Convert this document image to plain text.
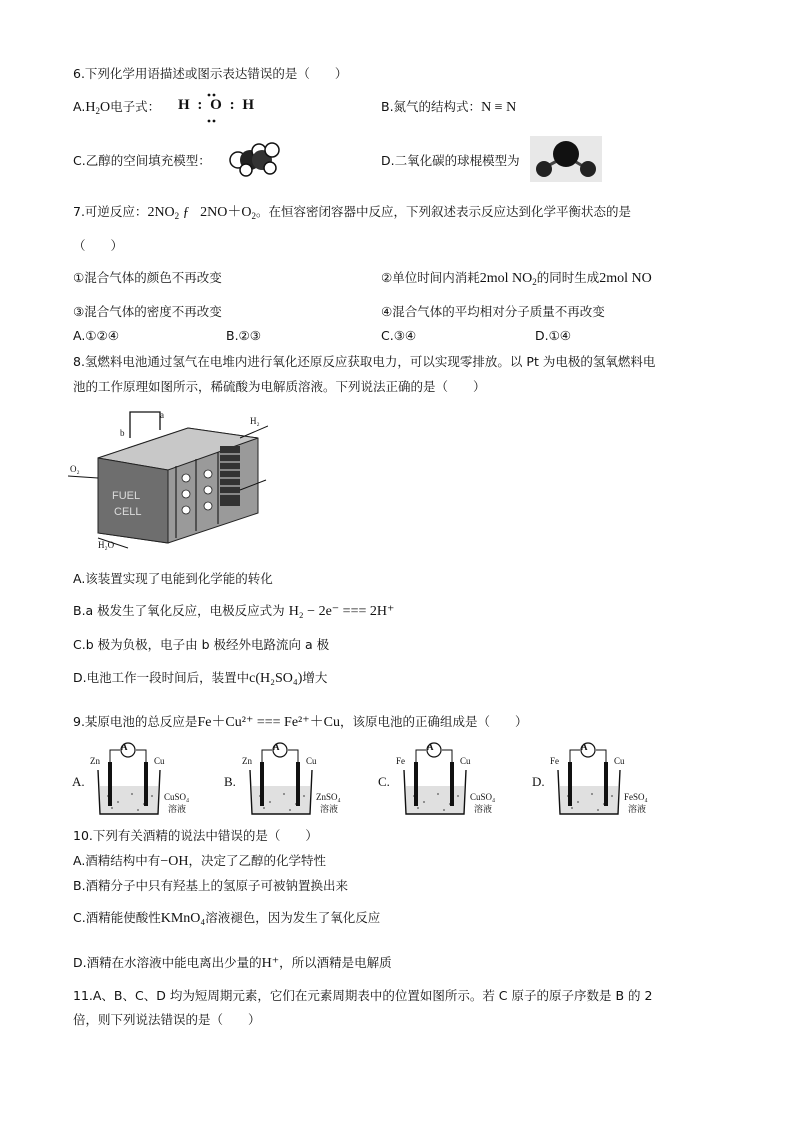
6.下列化学用语描述或图示表达错误的是（　　）
$A.H_2O$电子式： H : O : H	B.氮气的结构式：N ≡ N
C.乙醇的空间填充模型：	D.二氧化碳的球棍模型为
7.可逆反应：$2NO_2$ ƒ   $2NO+O_2$。在恒容密闭容器中反应，下列叙述表示反应达到化学平衡状态的是
（　　）
①混合气体的颜色不再改变	②单位时间内消耗2mol $NO_2$的同时生成2mol NO
③混合气体的密度不再改变	④混合气体的平均相对分子质量不再改变
A.①②④	B.②③	C.③④	D.①④
8.氢燃料电池通过氢气在电堆内进行氧化还原反应获取电力，可以实现零排放。以 Pt 为电极的氢氧燃料电
池的工作原理如图所示，稀硫酸为电解质溶液。下列说法正确的是（　　）
a
b
H₂
O₂
H₂O
FUEL
CELL
A.该装置实现了电能到化学能的转化
B.a 极发生了氧化反应，电极反应式为 H₂ − 2e⁻ === 2H⁺
C.b 极为负极，电子由 b 极经外电路流向 a 极
D.电池工作一段时间后，装置中c(H₂SO₄)增大
9.某原电池的总反应是Fe＋Cu²⁺ === Fe²⁺＋Cu，该原电池的正确组成是（　　）
A.
Zn	Cu
CuSO₄
溶液
A
B.
Zn	Cu
ZnSO₄
溶液
A
C.
Fe	Cu
CuSO₄
溶液
A
D.
Fe	Cu
FeSO₄
溶液
A
10.下列有关酒精的说法中错误的是（　　）
A.酒精结构中有−OH，决定了乙醇的化学特性
B.酒精分子中只有羟基上的氢原子可被钠置换出来
C.酒精能使酸性KMnO₄溶液褪色，因为发生了氧化反应
D.酒精在水溶液中能电离出少量的H⁺，所以酒精是电解质
11.A、B、C、D 均为短周期元素，它们在元素周期表中的位置如图所示。若 C 原子的原子序数是 B 的 2
倍，则下列说法错误的是（　　）
